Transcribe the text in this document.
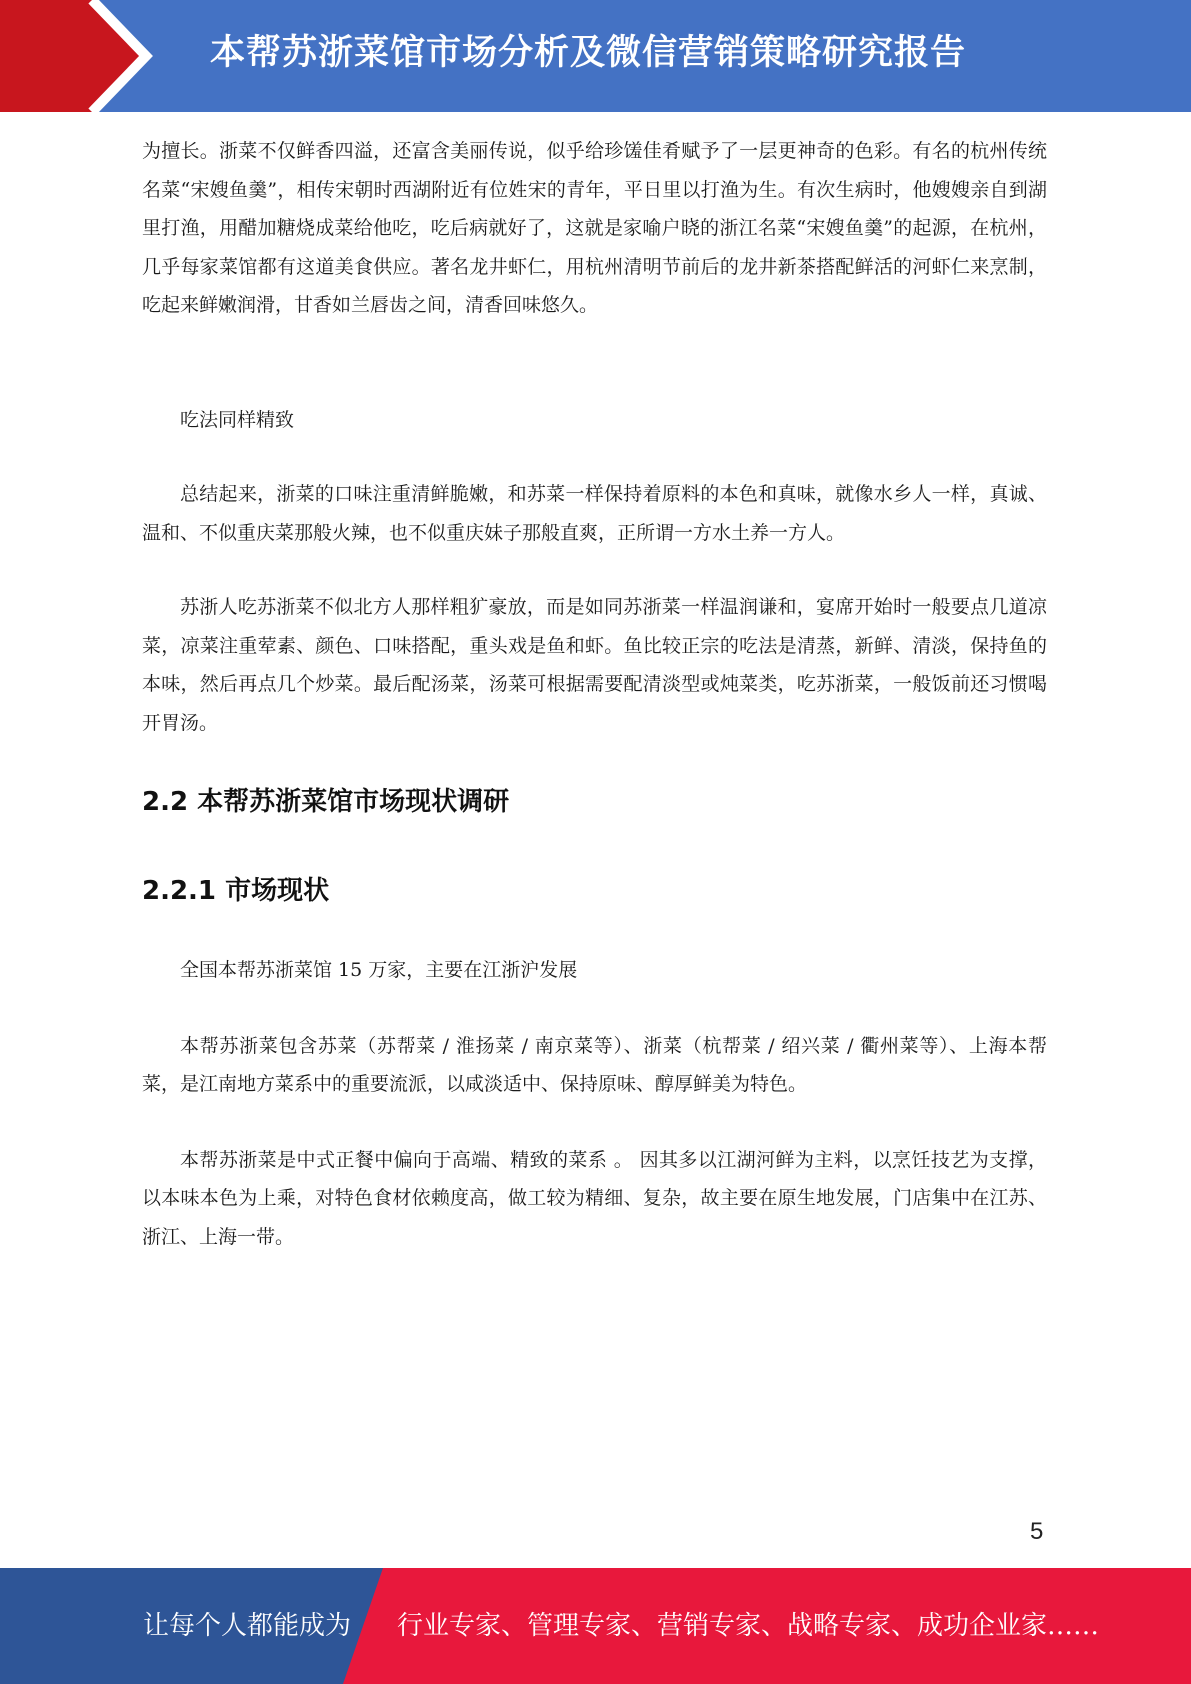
本帮苏浙菜馆市场分析及微信营销策略研究报告

为擅长。浙菜不仅鲜香四溢，还富含美丽传说，似乎给珍馐佳肴赋予了一层更神奇的色彩。有名的杭州传统名菜“宋嫂鱼羹”，相传宋朝时西湖附近有位姓宋的青年，平日里以打渔为生。有次生病时，他嫂嫂亲自到湖里打渔，用醋加糖烧成菜给他吃，吃后病就好了，这就是家喻户晓的浙江名菜“宋嫂鱼羹”的起源，在杭州，几乎每家菜馆都有这道美食供应。著名龙井虾仁，用杭州清明节前后的龙井新茶搭配鲜活的河虾仁来烹制，吃起来鲜嫩润滑，甘香如兰唇齿之间，清香回味悠久。

吃法同样精致

总结起来，浙菜的口味注重清鲜脆嫩，和苏菜一样保持着原料的本色和真味，就像水乡人一样，真诚、温和、不似重庆菜那般火辣，也不似重庆妹子那般直爽，正所谓一方水土养一方人。

苏浙人吃苏浙菜不似北方人那样粗犷豪放，而是如同苏浙菜一样温润谦和，宴席开始时一般要点几道凉菜，凉菜注重荤素、颜色、口味搭配，重头戏是鱼和虾。鱼比较正宗的吃法是清蒸，新鲜、清淡，保持鱼的本味，然后再点几个炒菜。最后配汤菜，汤菜可根据需要配清淡型或炖菜类，吃苏浙菜，一般饭前还习惯喝开胃汤。

2.2 本帮苏浙菜馆市场现状调研
2.2.1 市场现状

全国本帮苏浙菜馆 15 万家，主要在江浙沪发展

本帮苏浙菜包含苏菜（苏帮菜 / 淮扬菜 / 南京菜等）、浙菜（杭帮菜 / 绍兴菜 / 衢州菜等）、上海本帮菜，是江南地方菜系中的重要流派，以咸淡适中、保持原味、醇厚鲜美为特色。

本帮苏浙菜是中式正餐中偏向于高端、精致的菜系 。 因其多以江湖河鲜为主料，以烹饪技艺为支撑，以本味本色为上乘，对特色食材依赖度高，做工较为精细、复杂，故主要在原生地发展，门店集中在江苏、浙江、上海一带。

5
让每个人都能成为 行业专家、管理专家、营销专家、战略专家、成功企业家……
